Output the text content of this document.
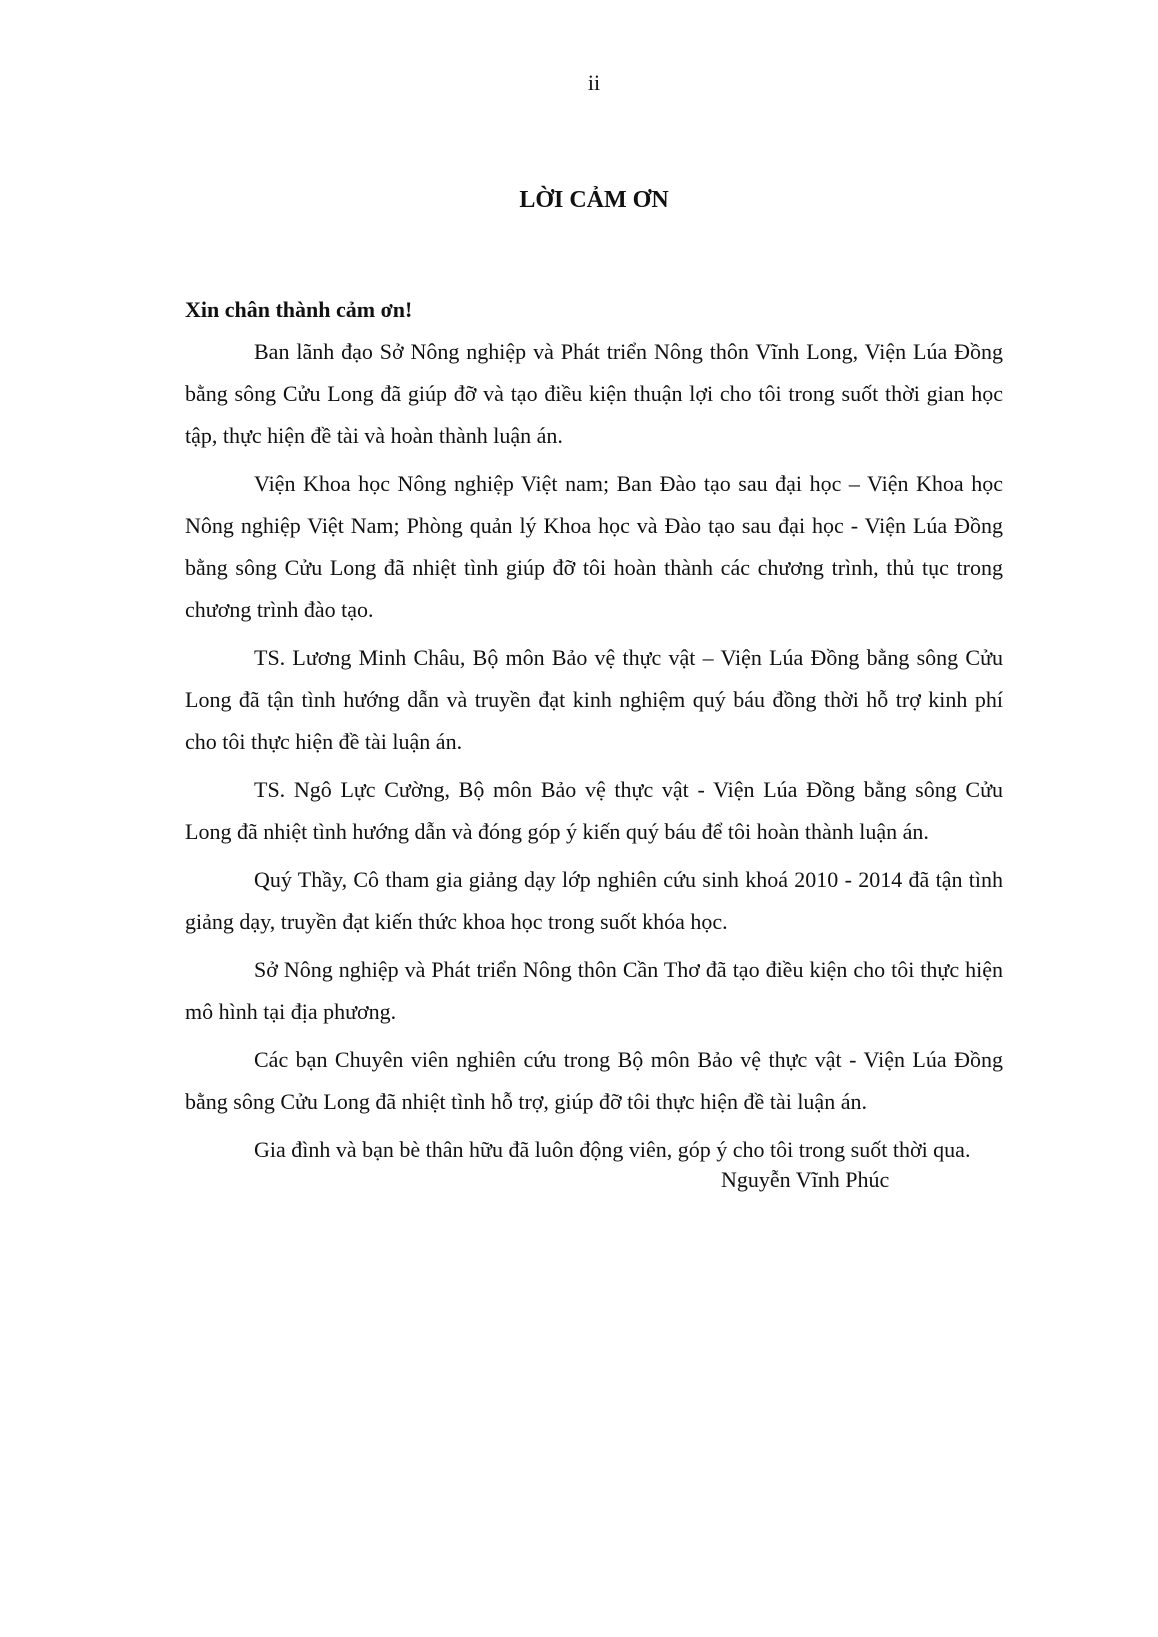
ii
LỜI CẢM ƠN

Xin chân thành cảm ơn!

Ban lãnh đạo Sở Nông nghiệp và Phát triển Nông thôn Vĩnh Long, Viện Lúa Đồng bằng sông Cửu Long đã giúp đỡ và tạo điều kiện thuận lợi cho tôi trong suốt thời gian học tập, thực hiện đề tài và hoàn thành luận án.

Viện Khoa học Nông nghiệp Việt nam; Ban Đào tạo sau đại học – Viện Khoa học Nông nghiệp Việt Nam; Phòng quản lý Khoa học và Đào tạo sau đại học - Viện Lúa Đồng bằng sông Cửu Long đã nhiệt tình giúp đỡ tôi hoàn thành các chương trình, thủ tục trong chương trình đào tạo.

TS. Lương Minh Châu, Bộ môn Bảo vệ thực vật – Viện Lúa Đồng bằng sông Cửu Long đã tận tình hướng dẫn và truyền đạt kinh nghiệm quý báu đồng thời hỗ trợ kinh phí cho tôi thực hiện đề tài luận án.

TS. Ngô Lực Cường, Bộ môn Bảo vệ thực vật - Viện Lúa Đồng bằng sông Cửu Long đã nhiệt tình hướng dẫn và đóng góp ý kiến quý báu để tôi hoàn thành luận án.

Quý Thầy, Cô tham gia giảng dạy lớp nghiên cứu sinh khoá 2010 - 2014 đã tận tình giảng dạy, truyền đạt kiến thức khoa học trong suốt khóa học.

Sở Nông nghiệp và Phát triển Nông thôn Cần Thơ đã tạo điều kiện cho tôi thực hiện mô hình tại địa phương.

Các bạn Chuyên viên nghiên cứu trong Bộ môn Bảo vệ thực vật - Viện Lúa Đồng bằng sông Cửu Long đã nhiệt tình hỗ trợ, giúp đỡ tôi thực hiện đề tài luận án.

Gia đình và bạn bè thân hữu đã luôn động viên, góp ý cho tôi trong suốt thời qua.

Nguyễn Vĩnh Phúc
